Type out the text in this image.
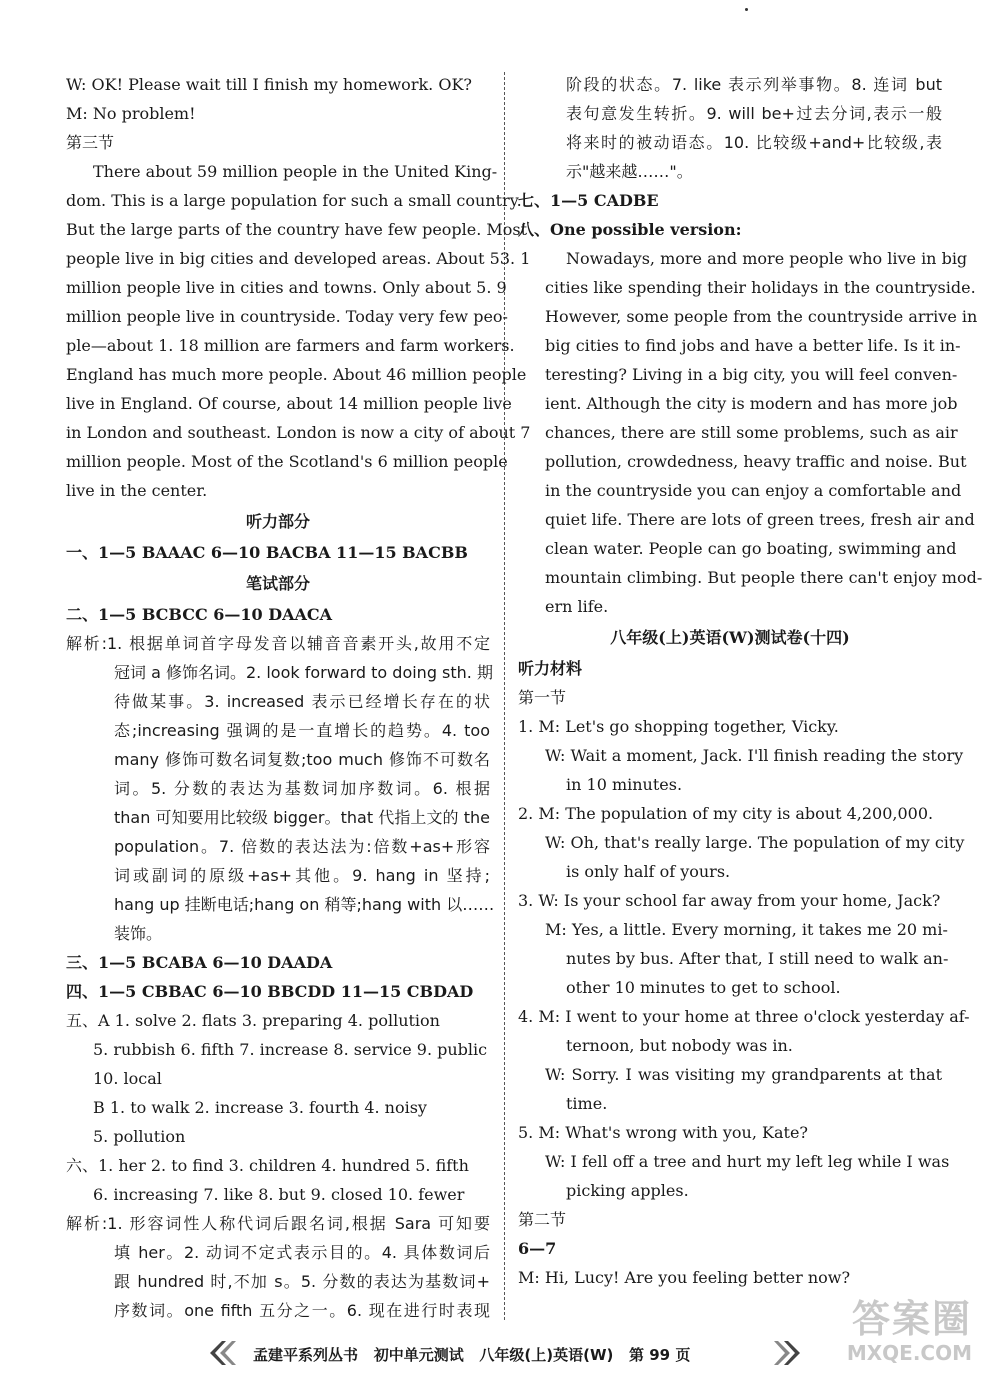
W: OK! Please wait till I finish my homework. OK?
M: No problem!
第三节
There about 59 million people in the United King-
dom. This is a large population for such a small country.
But the large parts of the country have few people. Most
people live in big cities and developed areas. About 53. 1
million people live in cities and towns. Only about 5. 9
million people live in countryside. Today very few peo-
ple—about 1. 18 million are farmers and farm workers.
England has much more people. About 46 million people
live in England. Of course, about 14 million people live
in London and southeast. London is now a city of about 7
million people. Most of the Scotland's 6 million people
live in the center.
听力部分
一、1—5 BAAAC 6—10 BACBA 11—15 BACBB
笔试部分
二、1—5 BCBCC 6—10 DAACA
解析:1. 根据单词首字母发音以辅音音素开头,故用不定
冠词 a 修饰名词。2. look forward to doing sth. 期
待做某事。3. increased 表示已经增长存在的状
态;increasing 强调的是一直增长的趋势。4. too
many 修饰可数名词复数;too much 修饰不可数名
词。5. 分数的表达为基数词加序数词。6. 根据
than 可知要用比较级 bigger。that 代指上文的 the
population。7. 倍数的表达法为:倍数+as+形容
词或副词的原级+as+其他。9. hang in 坚持;
hang up 挂断电话;hang on 稍等;hang with 以……
装饰。
三、1—5 BCABA 6—10 DAADA
四、1—5 CBBAC 6—10 BBCDD 11—15 CBDAD
五、A 1. solve 2. flats 3. preparing 4. pollution
5. rubbish 6. fifth 7. increase 8. service 9. public
10. local
B 1. to walk 2. increase 3. fourth 4. noisy
5. pollution
六、1. her 2. to find 3. children 4. hundred 5. fifth
6. increasing 7. like 8. but 9. closed 10. fewer
解析:1. 形容词性人称代词后跟名词,根据 Sara 可知要
填 her。2. 动词不定式表示目的。4. 具体数词后
跟 hundred 时,不加 s。5. 分数的表达为基数词+
序数词。one fifth 五分之一。6. 现在进行时表现
阶段的状态。7. like 表示列举事物。8. 连词 but
表句意发生转折。9. will be+过去分词,表示一般
将来时的被动语态。10. 比较级+and+比较级,表
示"越来越……"。
七、1—5 CADBE
八、One possible version:
Nowadays, more and more people who live in big
cities like spending their holidays in the countryside.
However, some people from the countryside arrive in
big cities to find jobs and have a better life. Is it in-
teresting? Living in a big city, you will feel conven-
ient. Although the city is modern and has more job
chances, there are still some problems, such as air
pollution, crowdedness, heavy traffic and noise. But
in the countryside you can enjoy a comfortable and
quiet life. There are lots of green trees, fresh air and
clean water. People can go boating, swimming and
mountain climbing. But people there can't enjoy mod-
ern life.
八年级(上)英语(W)测试卷(十四)
听力材料
第一节
1. M: Let's go shopping together, Vicky.
W: Wait a moment, Jack. I'll finish reading the story
in 10 minutes.
2. M: The population of my city is about 4,200,000.
W: Oh, that's really large. The population of my city
is only half of yours.
3. W: Is your school far away from your home, Jack?
M: Yes, a little. Every morning, it takes me 20 mi-
nutes by bus. After that, I still need to walk an-
other 10 minutes to get to school.
4. M: I went to your home at three o'clock yesterday af-
ternoon, but nobody was in.
W: Sorry. I was visiting my grandparents at that
time.
5. M: What's wrong with you, Kate?
W: I fell off a tree and hurt my left leg while I was
picking apples.
第二节
6—7
M: Hi, Lucy! Are you feeling better now?
孟建平系列丛书 初中单元测试 八年级(上)英语(W) 第 99 页
答案圈
MXQE.COM
